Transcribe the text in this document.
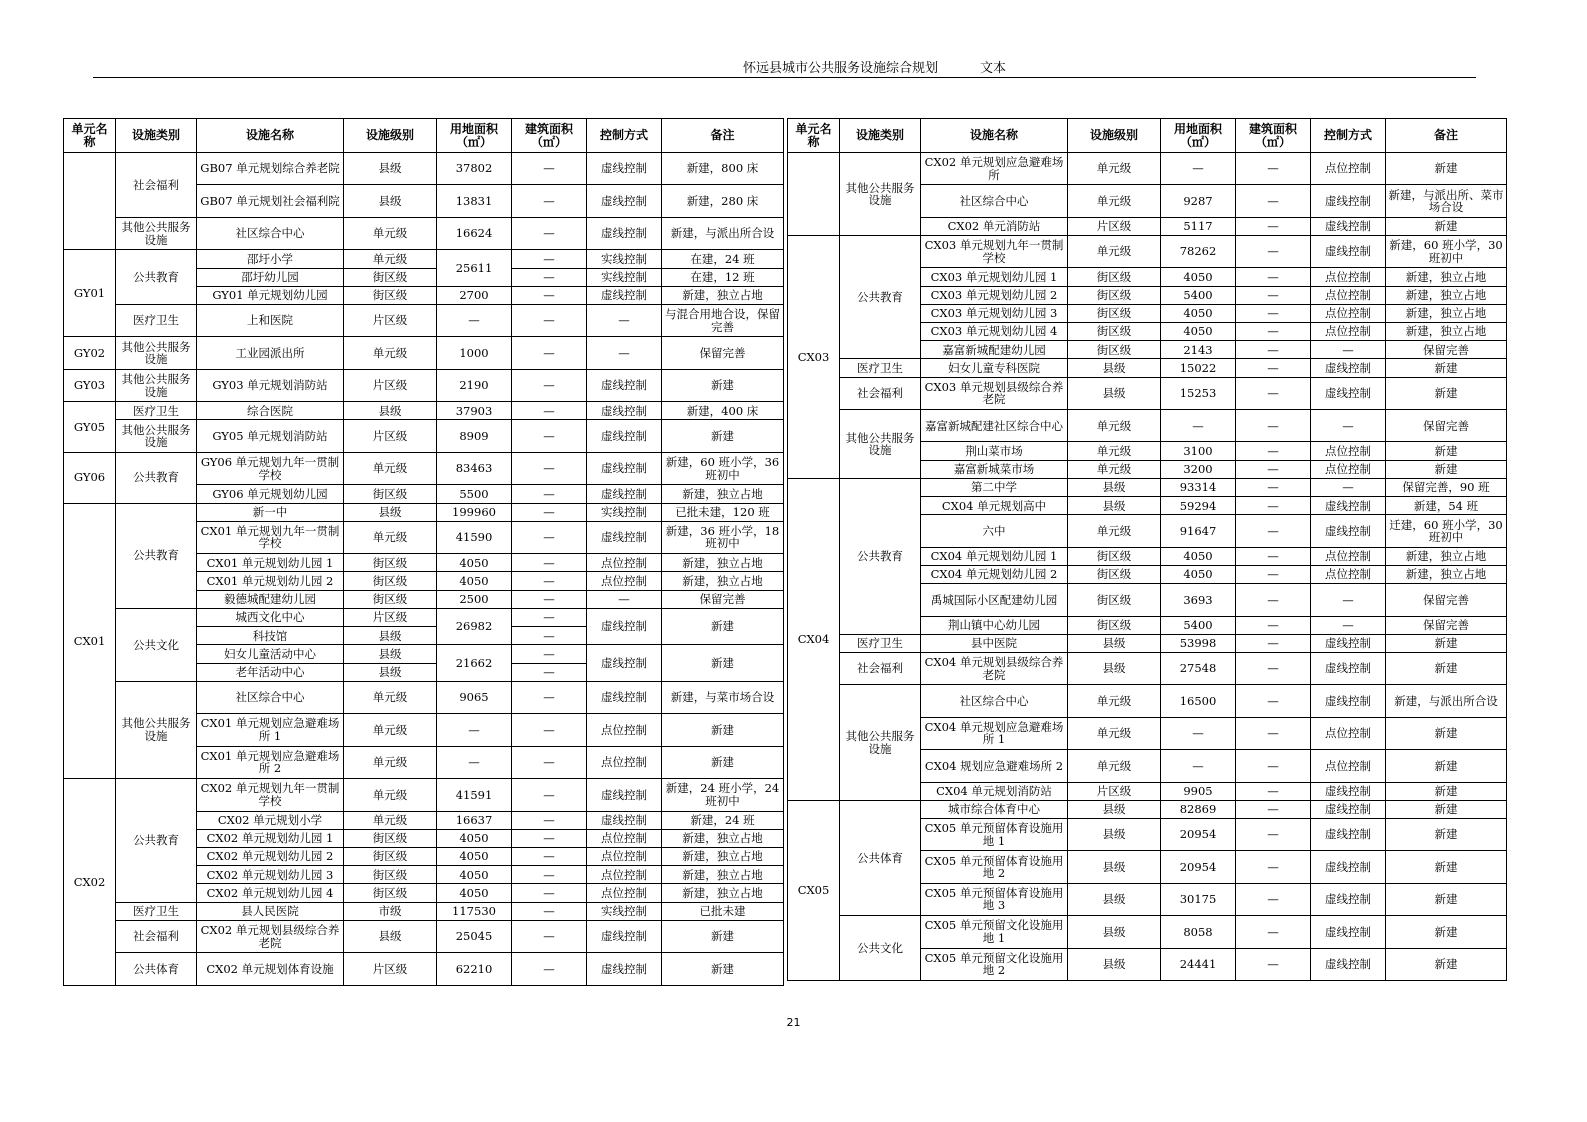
怀远县城市公共服务设施综合规划	文本
单元名称	设施类别	设施名称	设施级别	用地面积（㎡）	建筑面积（㎡）	控制方式	备注
	社会福利	GB07 单元规划综合养老院	县级	37802	—	虚线控制	新建，800 床
		GB07 单元规划社会福利院	县级	13831	—	虚线控制	新建，280 床
	其他公共服务设施	社区综合中心	单元级	16624	—	虚线控制	新建，与派出所合设
GY01	公共教育	邵圩小学	单元级	25611	—	实线控制	在建，24 班
		邵圩幼儿园	街区级		—	实线控制	在建，12 班
		GY01 单元规划幼儿园	街区级	2700	—	虚线控制	新建，独立占地
	医疗卫生	上和医院	片区级	—	—	—	与混合用地合设，保留完善
GY02	其他公共服务设施	工业园派出所	单元级	1000	—	—	保留完善
GY03	其他公共服务设施	GY03 单元规划消防站	片区级	2190	—	虚线控制	新建
GY05	医疗卫生	综合医院	县级	37903	—	虚线控制	新建，400 床
	其他公共服务设施	GY05 单元规划消防站	片区级	8909	—	虚线控制	新建
GY06	公共教育	GY06 单元规划九年一贯制学校	单元级	83463	—	虚线控制	新建，60 班小学，36 班初中
		GY06 单元规划幼儿园	街区级	5500	—	虚线控制	新建，独立占地
CX01	公共教育	新一中	县级	199960	—	实线控制	已批未建，120 班
		CX01 单元规划九年一贯制学校	单元级	41590	—	虚线控制	新建，36 班小学，18 班初中
		CX01 单元规划幼儿园 1	街区级	4050	—	点位控制	新建，独立占地
		CX01 单元规划幼儿园 2	街区级	4050	—	点位控制	新建，独立占地
		毅德城配建幼儿园	街区级	2500	—	—	保留完善
	公共文化	城西文化中心	片区级	26982	—	虚线控制	新建
		科技馆	县级		—		
		妇女儿童活动中心	县级	21662	—	虚线控制	新建
		老年活动中心	县级		—		
	其他公共服务设施	社区综合中心	单元级	9065	—	虚线控制	新建，与菜市场合设
		CX01 单元规划应急避难场所 1	单元级	—	—	点位控制	新建
		CX01 单元规划应急避难场所 2	单元级	—	—	点位控制	新建
CX02	公共教育	CX02 单元规划九年一贯制学校	单元级	41591	—	虚线控制	新建，24 班小学，24 班初中
		CX02 单元规划小学	单元级	16637	—	虚线控制	新建，24 班
		CX02 单元规划幼儿园 1	街区级	4050	—	点位控制	新建，独立占地
		CX02 单元规划幼儿园 2	街区级	4050	—	点位控制	新建，独立占地
		CX02 单元规划幼儿园 3	街区级	4050	—	点位控制	新建，独立占地
		CX02 单元规划幼儿园 4	街区级	4050	—	点位控制	新建，独立占地
	医疗卫生	县人民医院	市级	117530	—	实线控制	已批未建
	社会福利	CX02 单元规划县级综合养老院	县级	25045	—	虚线控制	新建
	公共体育	CX02 单元规划体育设施	片区级	62210	—	虚线控制	新建
单元名称	设施类别	设施名称	设施级别	用地面积（㎡）	建筑面积（㎡）	控制方式	备注
	其他公共服务设施	CX02 单元规划应急避难场所	单元级	—	—	点位控制	新建
		社区综合中心	单元级	9287	—	虚线控制	新建，与派出所、菜市场合设
		CX02 单元消防站	片区级	5117	—	虚线控制	新建
CX03	公共教育	CX03 单元规划九年一贯制学校	单元级	78262	—	虚线控制	新建，60 班小学，30 班初中
		CX03 单元规划幼儿园 1	街区级	4050	—	点位控制	新建，独立占地
		CX03 单元规划幼儿园 2	街区级	5400	—	点位控制	新建，独立占地
		CX03 单元规划幼儿园 3	街区级	4050	—	点位控制	新建，独立占地
		CX03 单元规划幼儿园 4	街区级	4050	—	点位控制	新建，独立占地
		嘉富新城配建幼儿园	街区级	2143	—	—	保留完善
	医疗卫生	妇女儿童专科医院	县级	15022	—	虚线控制	新建
	社会福利	CX03 单元规划县级综合养老院	县级	15253	—	虚线控制	新建
	其他公共服务设施	嘉富新城配建社区综合中心	单元级	—	—	—	保留完善
		荆山菜市场	单元级	3100	—	点位控制	新建
		嘉富新城菜市场	单元级	3200	—	点位控制	新建
CX04	公共教育	第二中学	县级	93314	—	—	保留完善，90 班
		CX04 单元规划高中	县级	59294	—	虚线控制	新建，54 班
		六中	单元级	91647	—	虚线控制	迁建，60 班小学，30 班初中
		CX04 单元规划幼儿园 1	街区级	4050	—	点位控制	新建，独立占地
		CX04 单元规划幼儿园 2	街区级	4050	—	点位控制	新建，独立占地
		禹城国际小区配建幼儿园	街区级	3693	—	—	保留完善
		荆山镇中心幼儿园	街区级	5400	—	—	保留完善
	医疗卫生	县中医院	县级	53998	—	虚线控制	新建
	社会福利	CX04 单元规划县级综合养老院	县级	27548	—	虚线控制	新建
	其他公共服务设施	社区综合中心	单元级	16500	—	虚线控制	新建，与派出所合设
		CX04 单元规划应急避难场所 1	单元级	—	—	点位控制	新建
		CX04 规划应急避难场所 2	单元级	—	—	点位控制	新建
		CX04 单元规划消防站	片区级	9905	—	虚线控制	新建
CX05	公共体育	城市综合体育中心	县级	82869	—	虚线控制	新建
		CX05 单元预留体育设施用地 1	县级	20954	—	虚线控制	新建
		CX05 单元预留体育设施用地 2	县级	20954	—	虚线控制	新建
		CX05 单元预留体育设施用地 3	县级	30175	—	虚线控制	新建
	公共文化	CX05 单元预留文化设施用地 1	县级	8058	—	虚线控制	新建
		CX05 单元预留文化设施用地 2	县级	24441	—	虚线控制	新建
21
